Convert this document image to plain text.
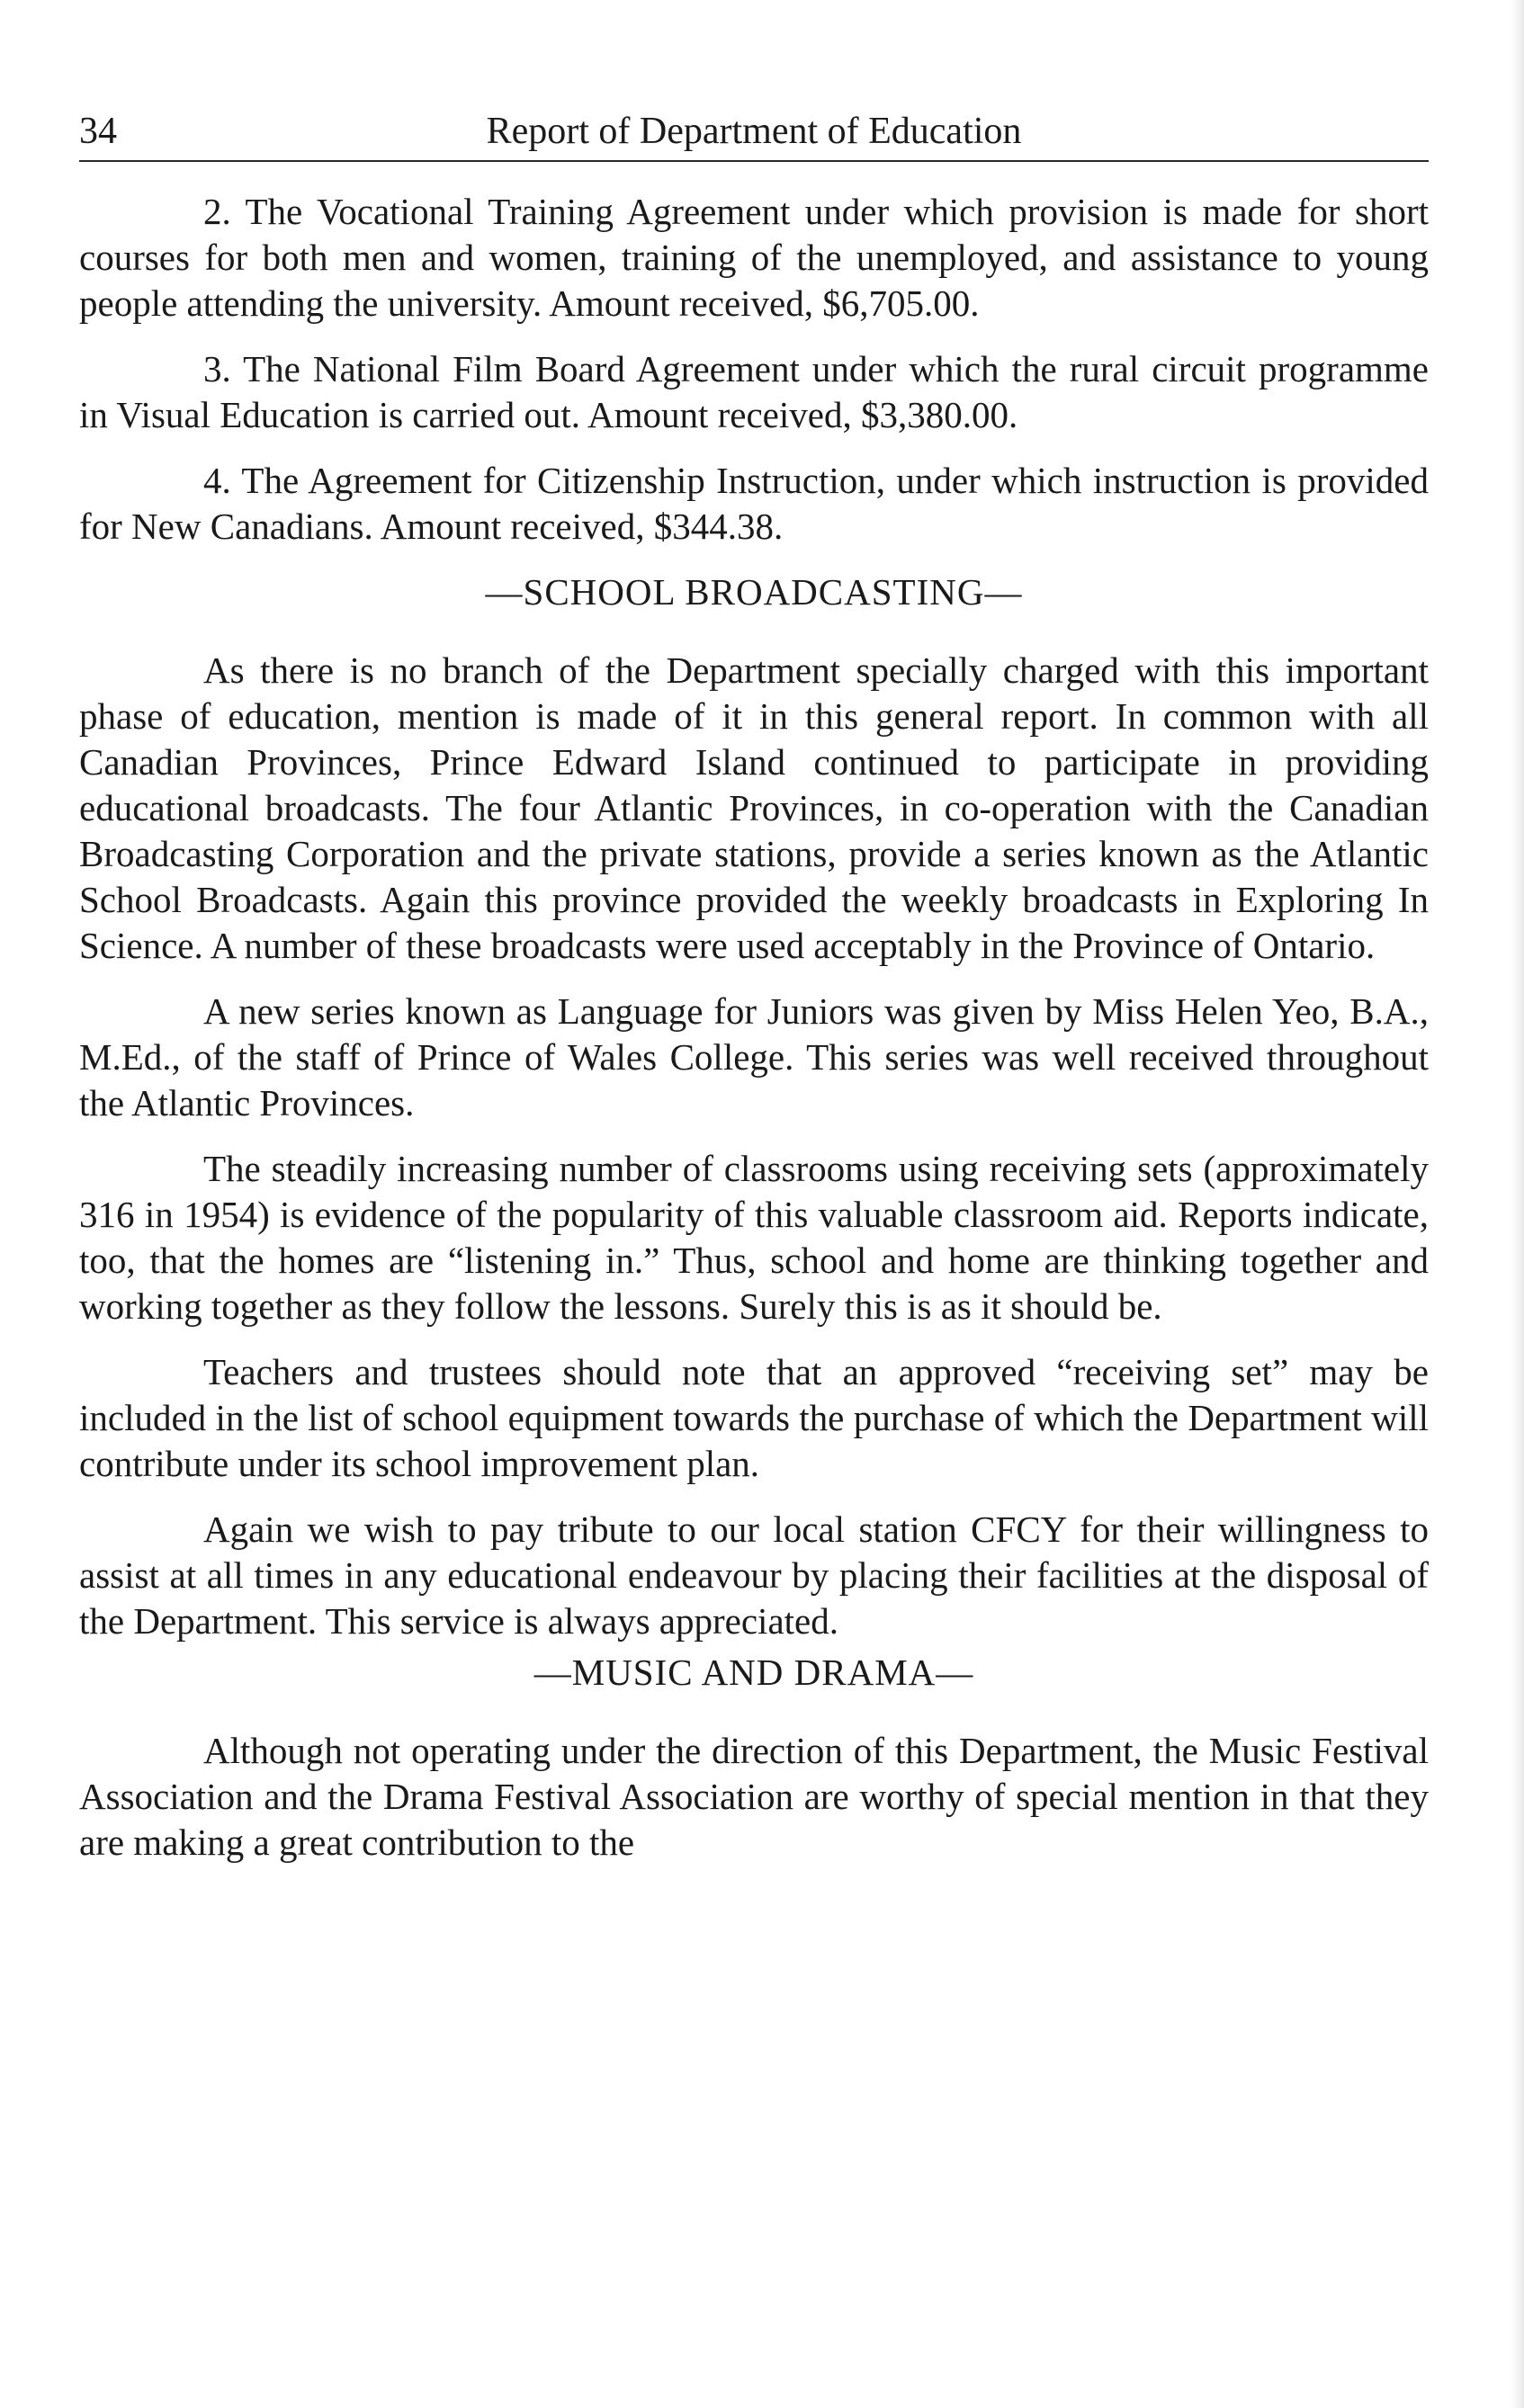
34	Report of Department of Education

2. The Vocational Training Agreement under which provision is made for short courses for both men and women, training of the unemployed, and assistance to young people attending the university. Amount received, $6,705.00.

3. The National Film Board Agreement under which the rural circuit programme in Visual Education is carried out. Amount received, $3,380.00.

4. The Agreement for Citizenship Instruction, under which instruction is provided for New Canadians. Amount received, $344.38.

—SCHOOL BROADCASTING—

As there is no branch of the Department specially charged with this important phase of education, mention is made of it in this general report. In common with all Canadian Provinces, Prince Edward Island continued to participate in providing educational broadcasts. The four Atlantic Provinces, in co-operation with the Canadian Broadcasting Corporation and the private stations, provide a series known as the Atlantic School Broadcasts. Again this province provided the weekly broadcasts in Exploring In Science. A number of these broadcasts were used acceptably in the Province of Ontario.

A new series known as Language for Juniors was given by Miss Helen Yeo, B.A., M.Ed., of the staff of Prince of Wales College. This series was well received throughout the Atlantic Provinces.

The steadily increasing number of classrooms using receiving sets (approximately 316 in 1954) is evidence of the popularity of this valuable classroom aid. Reports indicate, too, that the homes are “listening in.” Thus, school and home are thinking together and working together as they follow the lessons. Surely this is as it should be.

Teachers and trustees should note that an approved “receiving set” may be included in the list of school equipment towards the purchase of which the Department will contribute under its school improvement plan.

Again we wish to pay tribute to our local station CFCY for their willingness to assist at all times in any educational endeavour by placing their facilities at the disposal of the Department. This service is always appreciated.

—MUSIC AND DRAMA—

Although not operating under the direction of this Department, the Music Festival Association and the Drama Festival Association are worthy of special mention in that they are making a great contribution to the
